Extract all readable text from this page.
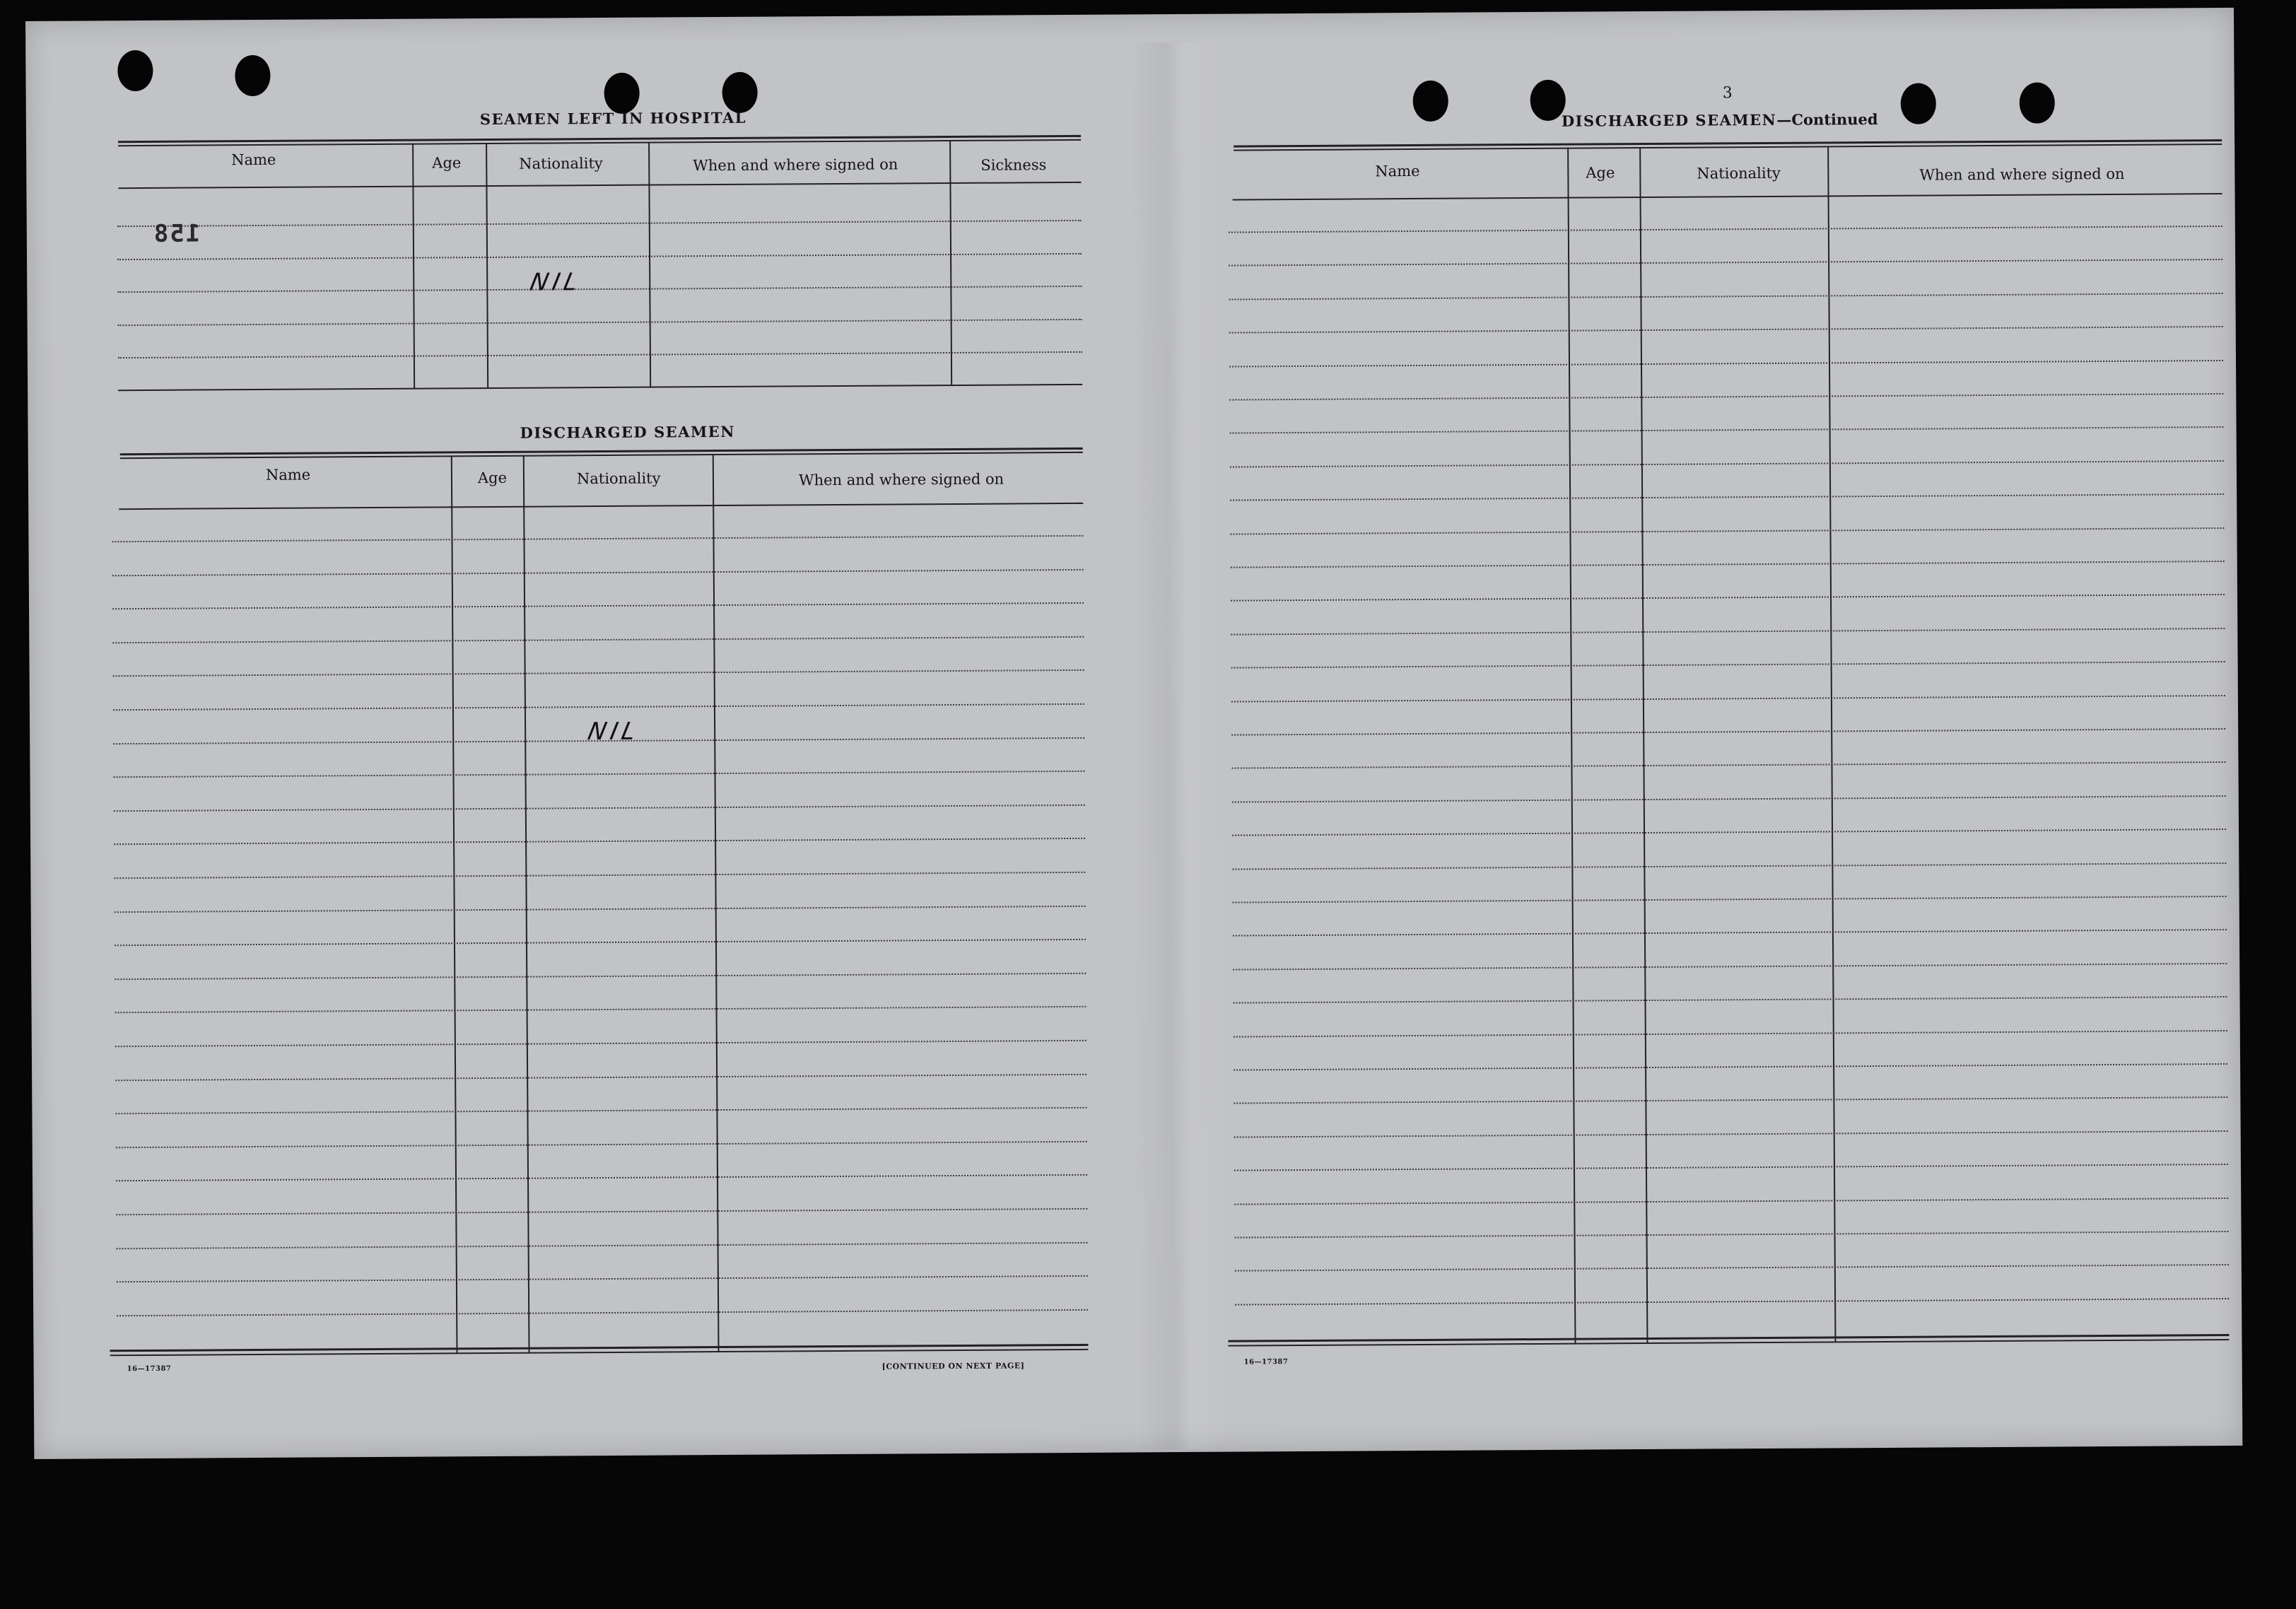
SEAMEN LEFT IN HOSPITAL
Name	Age	Nationality	When and where signed on	Sickness
158
NIL
DISCHARGED SEAMEN
Name	Age	Nationality	When and where signed on
NIL
16—17387	[CONTINUED ON NEXT PAGE]
3
DISCHARGED SEAMEN—Continued
Name	Age	Nationality	When and where signed on
16—17387
